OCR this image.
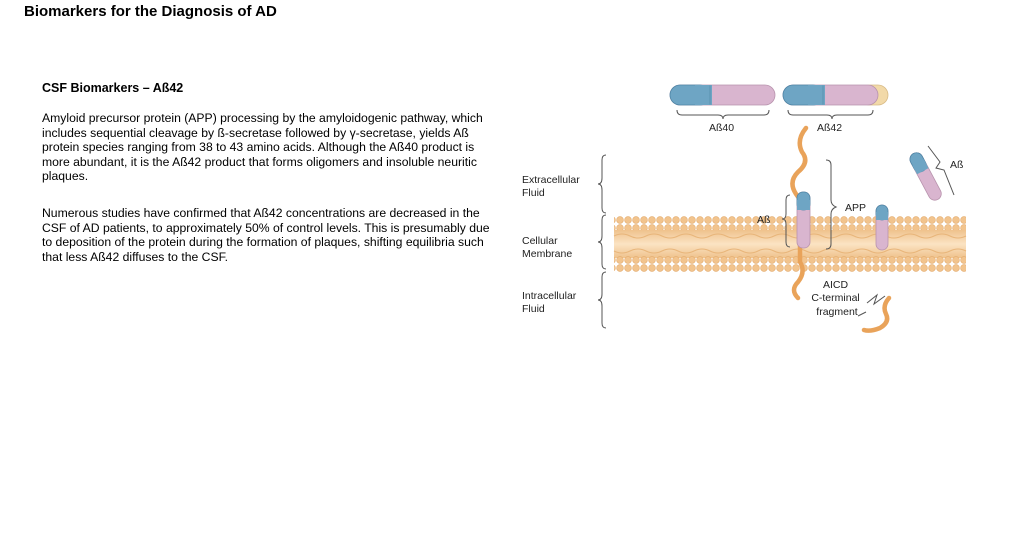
Biomarkers for the Diagnosis of AD
CSF Biomarkers – Aß42

Amyloid precursor protein (APP) processing by the amyloidogenic pathway, which includes sequential cleavage by ß-secretase followed by γ-secretase, yields Aß protein species ranging from 38 to 43 amino acids. Although the Aß40 product is more abundant, it is the Aß42 product that forms oligomers and insoluble neuritic plaques.

Numerous studies have confirmed that Aß42 concentrations are decreased in the CSF of AD patients, to approximately 50% of control levels. This is presumably due to deposition of the protein during the formation of plaques, shifting equilibria such that less Aß42 diffuses to the CSF.

Extracellular Fluid
Cellular Membrane
Intracellular Fluid
Aß40	Aß42
Aß
Aß
APP
AICD C-terminal fragment
